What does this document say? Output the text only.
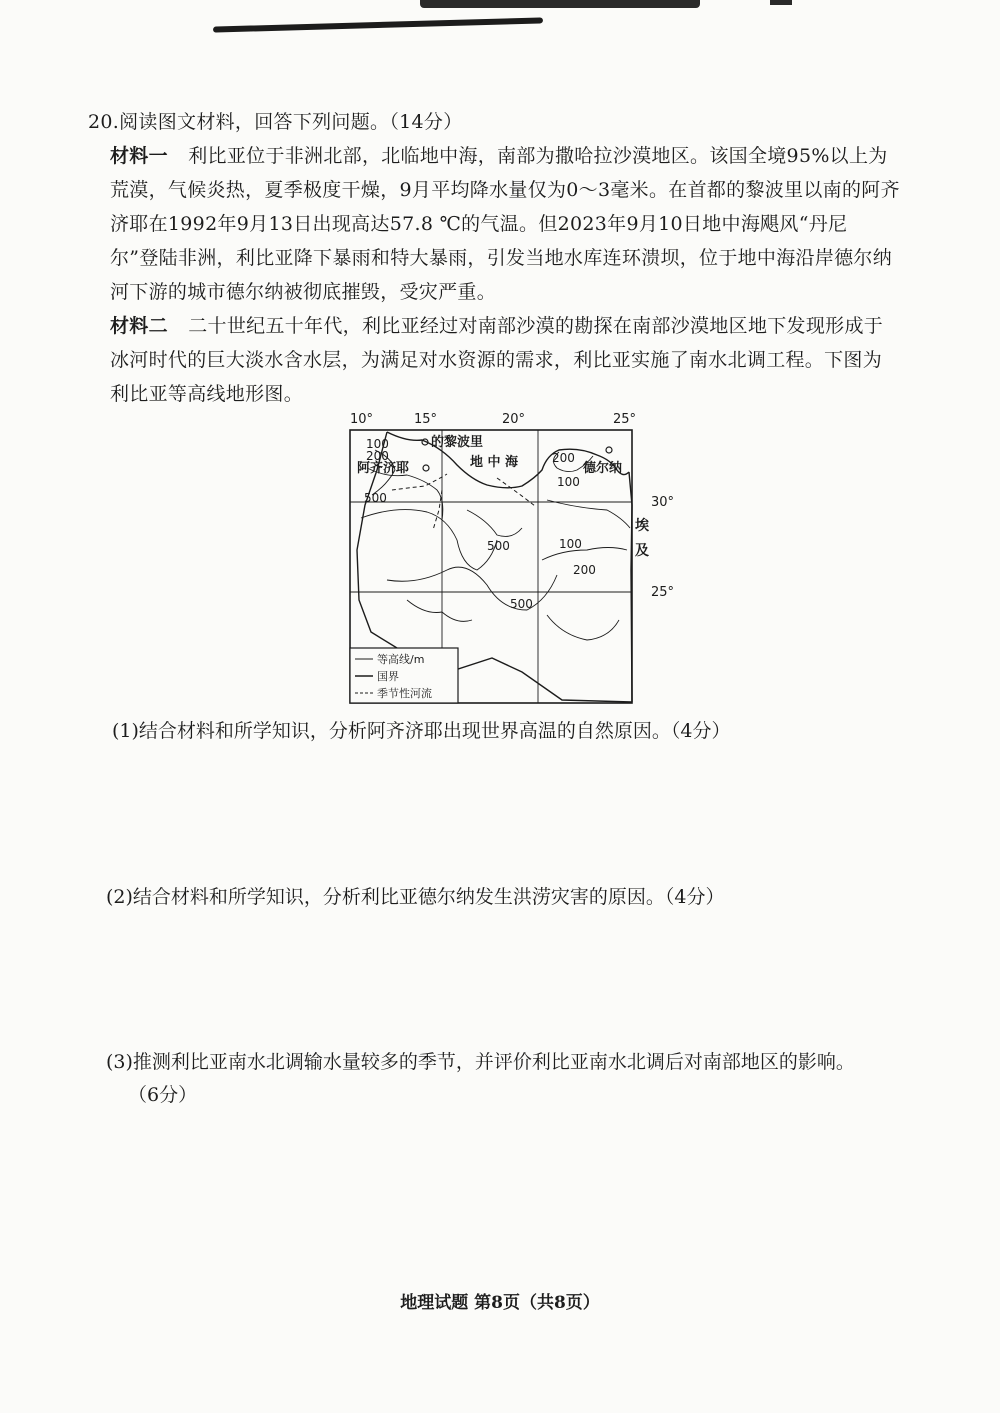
20.阅读图文材料，回答下列问题。（14分）
材料一 利比亚位于非洲北部，北临地中海，南部为撒哈拉沙漠地区。该国全境95%以上为
荒漠，气候炎热，夏季极度干燥，9月平均降水量仅为0～3毫米。在首都的黎波里以南的阿齐
济耶在1992年9月13日出现高达57.8 ℃的气温。但2023年9月10日地中海飓风“丹尼
尔”登陆非洲，利比亚降下暴雨和特大暴雨，引发当地水库连环溃坝，位于地中海沿岸德尔纳
河下游的城市德尔纳被彻底摧毁，受灾严重。
材料二 二十世纪五十年代，利比亚经过对南部沙漠的勘探在南部沙漠地区地下发现形成于
冰河时代的巨大淡水含水层，为满足对水资源的需求，利比亚实施了南水北调工程。下图为
利比亚等高线地形图。
10°	15°	20°	25°
30°
25°
的黎波里
阿齐济耶	德尔纳
地 中 海
埃
及
100
200
500
200
100
500	100
200
500
等高线/m
国界
季节性河流
(1)结合材料和所学知识，分析阿齐济耶出现世界高温的自然原因。（4分）
(2)结合材料和所学知识，分析利比亚德尔纳发生洪涝灾害的原因。（4分）
(3)推测利比亚南水北调输水量较多的季节，并评价利比亚南水北调后对南部地区的影响。
（6分）
地理试题 第8页（共8页）
